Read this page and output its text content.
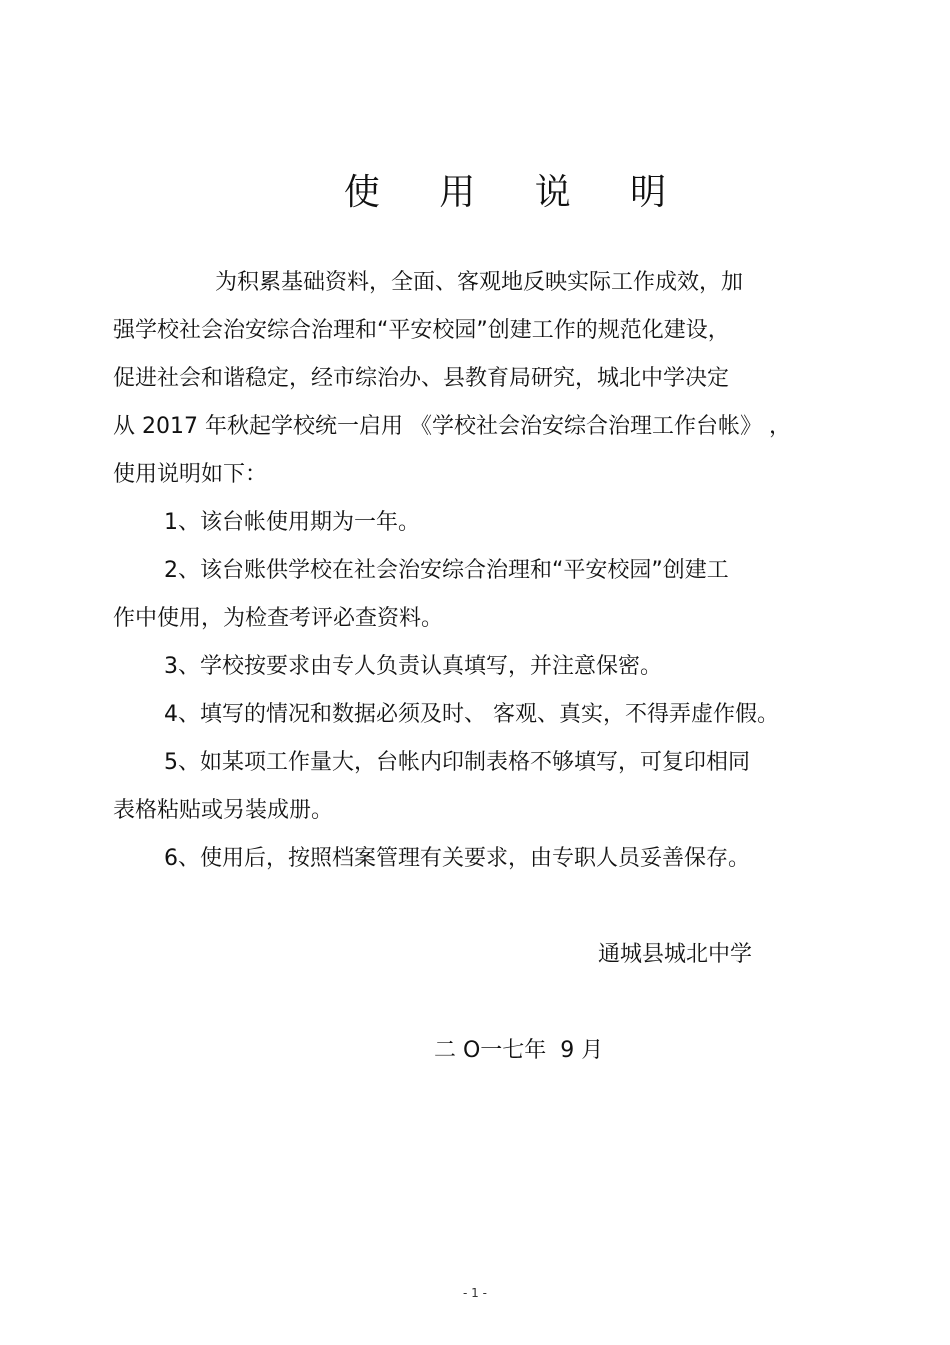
使 用 说 明

为积累基础资料，全面、客观地反映实际工作成效，加

强学校社会治安综合治理和“平安校园”创建工作的规范化建设，

促进社会和谐稳定，经市综治办、县教育局研究，城北中学决定

从 2017 年秋起学校统一启用 《学校社会治安综合治理工作台帐》 ，

使用说明如下：

1、该台帐使用期为一年。

2、该台账供学校在社会治安综合治理和“平安校园”创建工

作中使用，为检查考评必查资料。

3、学校按要求由专人负责认真填写，并注意保密。

4、填写的情况和数据必须及时、 客观、真实，不得弄虚作假。

5、如某项工作量大，台帐内印制表格不够填写，可复印相同

表格粘贴或另装成册。

6、使用后，按照档案管理有关要求，由专职人员妥善保存。

通城县城北中学
二 O一七年  9 月
- 1 -
